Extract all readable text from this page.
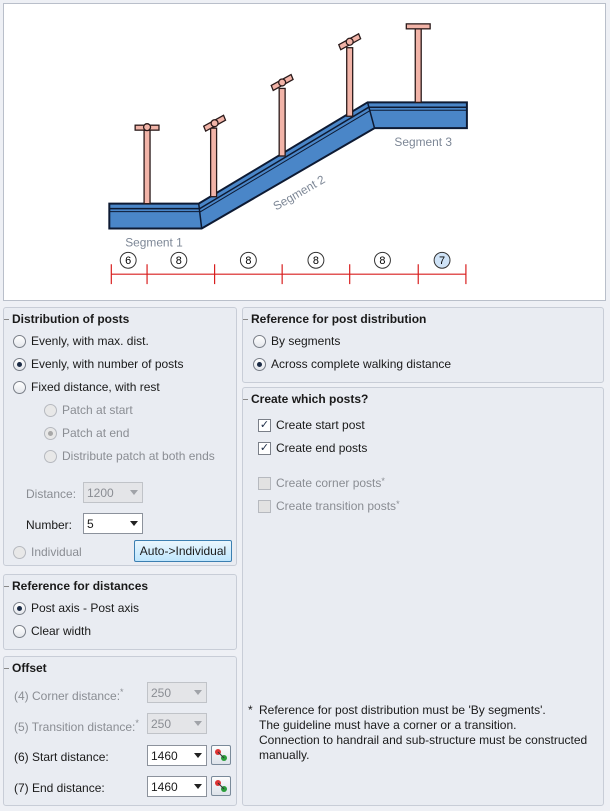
Segment 1
Segment 2
Segment 3
6	8	8	8	8	7
Distribution of posts
Evenly, with max. dist.
Evenly, with number of posts
Fixed distance, with rest
Patch at start
Patch at end
Distribute patch at both ends
Distance: 1200
Number: 5
Individual	Auto->Individual
Reference for distances
Post axis - Post axis
Clear width
Offset
(4) Corner distance:* 250
(5) Transition distance:* 250
(6) Start distance:	1460
(7) End distance:	1460
Reference for post distribution
By segments
Across complete walking distance
Create which posts?
✓ Create start post
✓ Create end posts
Create corner posts *
Create transition posts *
* Reference for post distribution must be 'By segments'.
The guideline must have a corner or a transition.
Connection to handrail and sub-structure must be constructed manually.
